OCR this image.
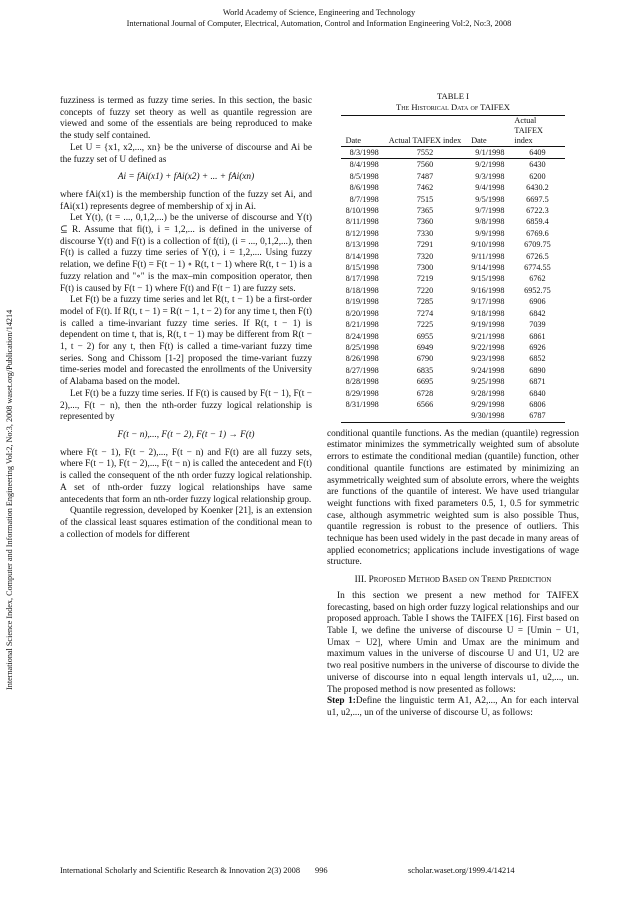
World Academy of Science, Engineering and Technology
International Journal of Computer, Electrical, Automation, Control and Information Engineering Vol:2, No:3, 2008
International Science Index, Computer and Information Engineering Vol:2, No:3, 2008 waset.org/Publication/14214

fuzziness is termed as fuzzy time series. In this section, the basic concepts of fuzzy set theory as well as quantile regression are viewed and some of the essentials are being reproduced to make the study self contained.

Let U = {x1, x2,..., xn} be the universe of discourse and Ai be the fuzzy set of U defined as

Ai = fAi(x1) + fAi(x2) + ... + fAi(xn)

where fAi(x1) is the membership function of the fuzzy set Ai, and fAi(x1) represents degree of membership of xj in Ai.

Let Y(t), (t = ..., 0,1,2,...) be the universe of discourse and Y(t) ⊆ R. Assume that fi(t), i = 1,2,... is defined in the universe of discourse Y(t) and F(t) is a collection of f(ti), (i = ..., 0,1,2,...), then F(t) is called a fuzzy time series of Y(t), i = 1,2,.... Using fuzzy relation, we define F(t) = F(t − 1) ∘ R(t, t − 1) where R(t, t − 1) is a fuzzy relation and "∘" is the max–min composition operator, then F(t) is caused by F(t − 1) where F(t) and F(t − 1) are fuzzy sets.

Let F(t) be a fuzzy time series and let R(t, t − 1) be a first-order model of F(t). If R(t, t − 1) = R(t − 1, t − 2) for any time t, then F(t) is called a time-invariant fuzzy time series. If R(t, t − 1) is dependent on time t, that is, R(t, t − 1) may be different from R(t − 1, t − 2) for any t, then F(t) is called a time-variant fuzzy time series. Song and Chissom [1-2] proposed the time-variant fuzzy time-series model and forecasted the enrollments of the University of Alabama based on the model.

Let F(t) be a fuzzy time series. If F(t) is caused by F(t − 1), F(t − 2),..., F(t − n), then the nth-order fuzzy logical relationship is represented by

F(t − n),..., F(t − 2), F(t − 1) → F(t)

where F(t − 1), F(t − 2),..., F(t − n) and F(t) are all fuzzy sets, where F(t − 1), F(t − 2),..., F(t − n) is called the antecedent and F(t) is called the consequent of the nth order fuzzy logical relationship. A set of nth-order fuzzy logical relationships have same antecedents that form an nth-order fuzzy logical relationship group.

Quantile regression, developed by Koenker [21], is an extension of the classical least squares estimation of the conditional mean to a collection of models for different

TABLE I
The Historical Data of TAIFEX
Date	Actual TAIFEX index	Date	Actual TAIFEX index
8/3/1998	7552	9/1/1998	6409
8/4/1998	7560	9/2/1998	6430
8/5/1998	7487	9/3/1998	6200
8/6/1998	7462	9/4/1998	6430.2
8/7/1998	7515	9/5/1998	6697.5
8/10/1998	7365	9/7/1998	6722.3
8/11/1998	7360	9/8/1998	6859.4
8/12/1998	7330	9/9/1998	6769.6
8/13/1998	7291	9/10/1998	6709.75
8/14/1998	7320	9/11/1998	6726.5
8/15/1998	7300	9/14/1998	6774.55
8/17/1998	7219	9/15/1998	6762
8/18/1998	7220	9/16/1998	6952.75
8/19/1998	7285	9/17/1998	6906
8/20/1998	7274	9/18/1998	6842
8/21/1998	7225	9/19/1998	7039
8/24/1998	6955	9/21/1998	6861
8/25/1998	6949	9/22/1998	6926
8/26/1998	6790	9/23/1998	6852
8/27/1998	6835	9/24/1998	6890
8/28/1998	6695	9/25/1998	6871
8/29/1998	6728	9/28/1998	6840
8/31/1998	6566	9/29/1998	6806
		9/30/1998	6787

conditional quantile functions. As the median (quantile) regression estimator minimizes the symmetrically weighted sum of absolute errors to estimate the conditional median (quantile) function, other conditional quantile functions are estimated by minimizing an asymmetrically weighted sum of absolute errors, where the weights are functions of the quantile of interest. We have used triangular weight functions with fixed parameters 0.5, 1, 0.5 for symmetric case, although asymmetric weighted sum is also possible Thus, quantile regression is robust to the presence of outliers. This technique has been used widely in the past decade in many areas of applied econometrics; applications include investigations of wage structure.

III. Proposed Method Based on Trend Prediction

In this section we present a new method for TAIFEX forecasting, based on high order fuzzy logical relationships and our proposed approach. Table I shows the TAIFEX [16]. First based on Table I, we define the universe of discourse U = [Umin − U1, Umax − U2], where Umin and Umax are the minimum and maximum values in the universe of discourse U and U1, U2 are two real positive numbers in the universe of discourse to divide the universe of discourse into n equal length intervals u1, u2,..., un. The proposed method is now presented as follows:

Step 1:Define the linguistic term A1, A2,..., An for each interval u1, u2,..., un of the universe of discourse U, as follows:

International Scholarly and Scientific Research & Innovation 2(3) 2008 996	scholar.waset.org/1999.4/14214
